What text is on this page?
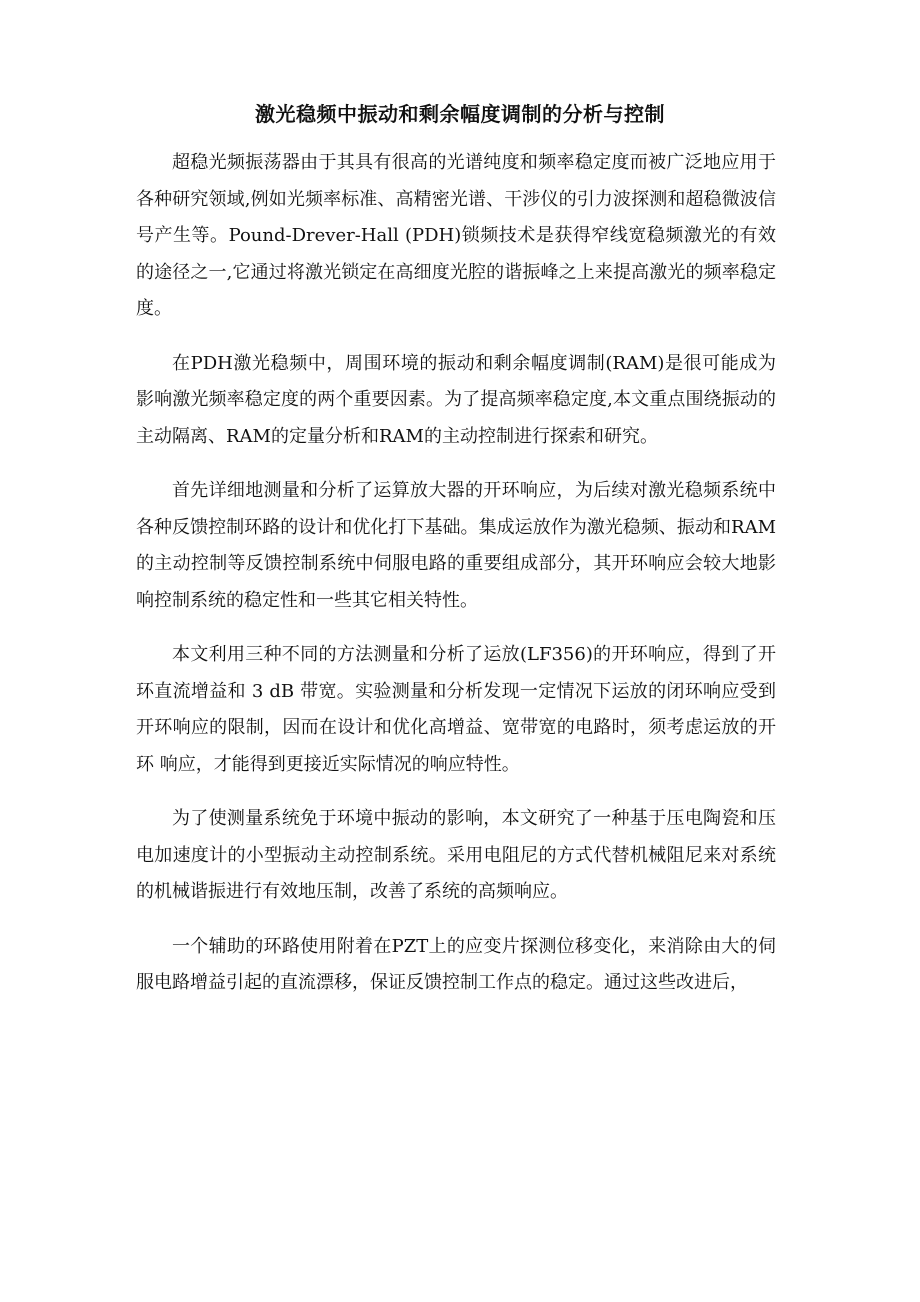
激光稳频中振动和剩余幅度调制的分析与控制

超稳光频振荡器由于其具有很高的光谱纯度和频率稳定度而被广泛地应用于各种研究领域,例如光频率标准、高精密光谱、干涉仪的引力波探测和超稳微波信号产生等。Pound-Drever-Hall (PDH)锁频技术是获得窄线宽稳频激光的有效的途径之一,它通过将激光锁定在高细度光腔的谐振峰之上来提高激光的频率稳定度。

在PDH激光稳频中，周围环境的振动和剩余幅度调制(RAM)是很可能成为影响激光频率稳定度的两个重要因素。为了提高频率稳定度,本文重点围绕振动的主动隔离、RAM的定量分析和RAM的主动控制进行探索和研究。

首先详细地测量和分析了运算放大器的开环响应，为后续对激光稳频系统中 各种反馈控制环路的设计和优化打下基础。集成运放作为激光稳频、振动和RAM 的主动控制等反馈控制系统中伺服电路的重要组成部分，其开环响应会较大地影 响控制系统的稳定性和一些其它相关特性。

本文利用三种不同的方法测量和分析了运放(LF356)的开环响应，得到了开环直流增益和 3 dB 带宽。实验测量和分析发现一定情况下运放的闭环响应受到 开环响应的限制，因而在设计和优化高增益、宽带宽的电路时，须考虑运放的开环 响应，才能得到更接近实际情况的响应特性。

为了使测量系统免于环境中振动的影响，本文研究了一种基于压电陶瓷和压 电加速度计的小型振动主动控制系统。采用电阻尼的方式代替机械阻尼来对系统 的机械谐振进行有效地压制，改善了系统的高频响应。

一个辅助的环路使用附着在PZT上的应变片探测位移变化，来消除由大的伺服电路增益引起的直流漂移，保证反馈控制工作点的稳定。通过这些改进后，
